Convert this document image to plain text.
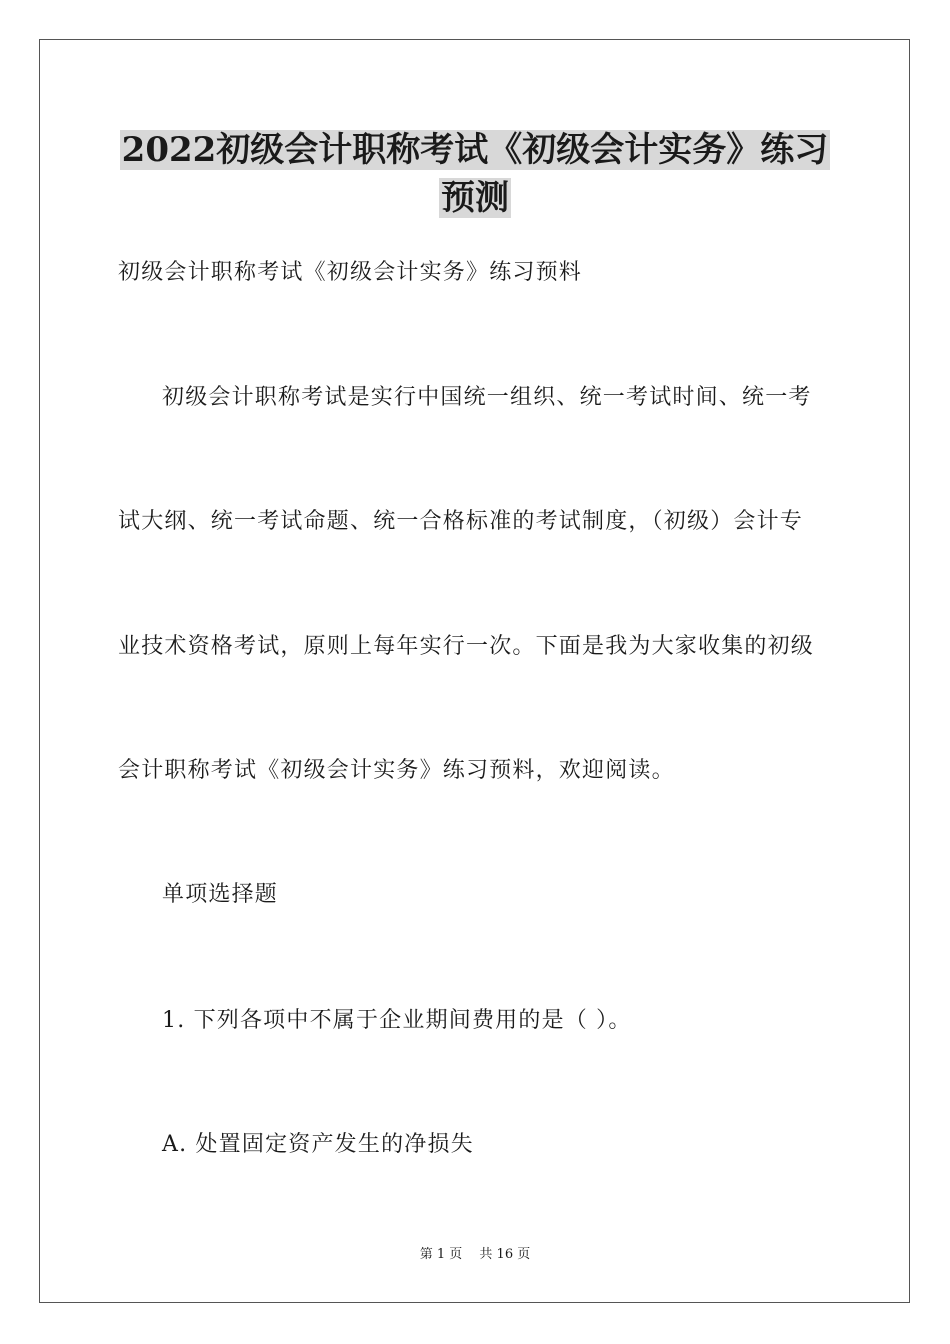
2022初级会计职称考试《初级会计实务》练习
预测
初级会计职称考试《初级会计实务》练习预料
初级会计职称考试是实行中国统一组织、统一考试时间、统一考
试大纲、统一考试命题、统一合格标准的考试制度，（初级）会计专
业技术资格考试，原则上每年实行一次。下面是我为大家收集的初级
会计职称考试《初级会计实务》练习预料，欢迎阅读。
单项选择题
1. 下列各项中不属于企业期间费用的是（ ）。
A. 处置固定资产发生的净损失
第 1 页　 共 16 页
